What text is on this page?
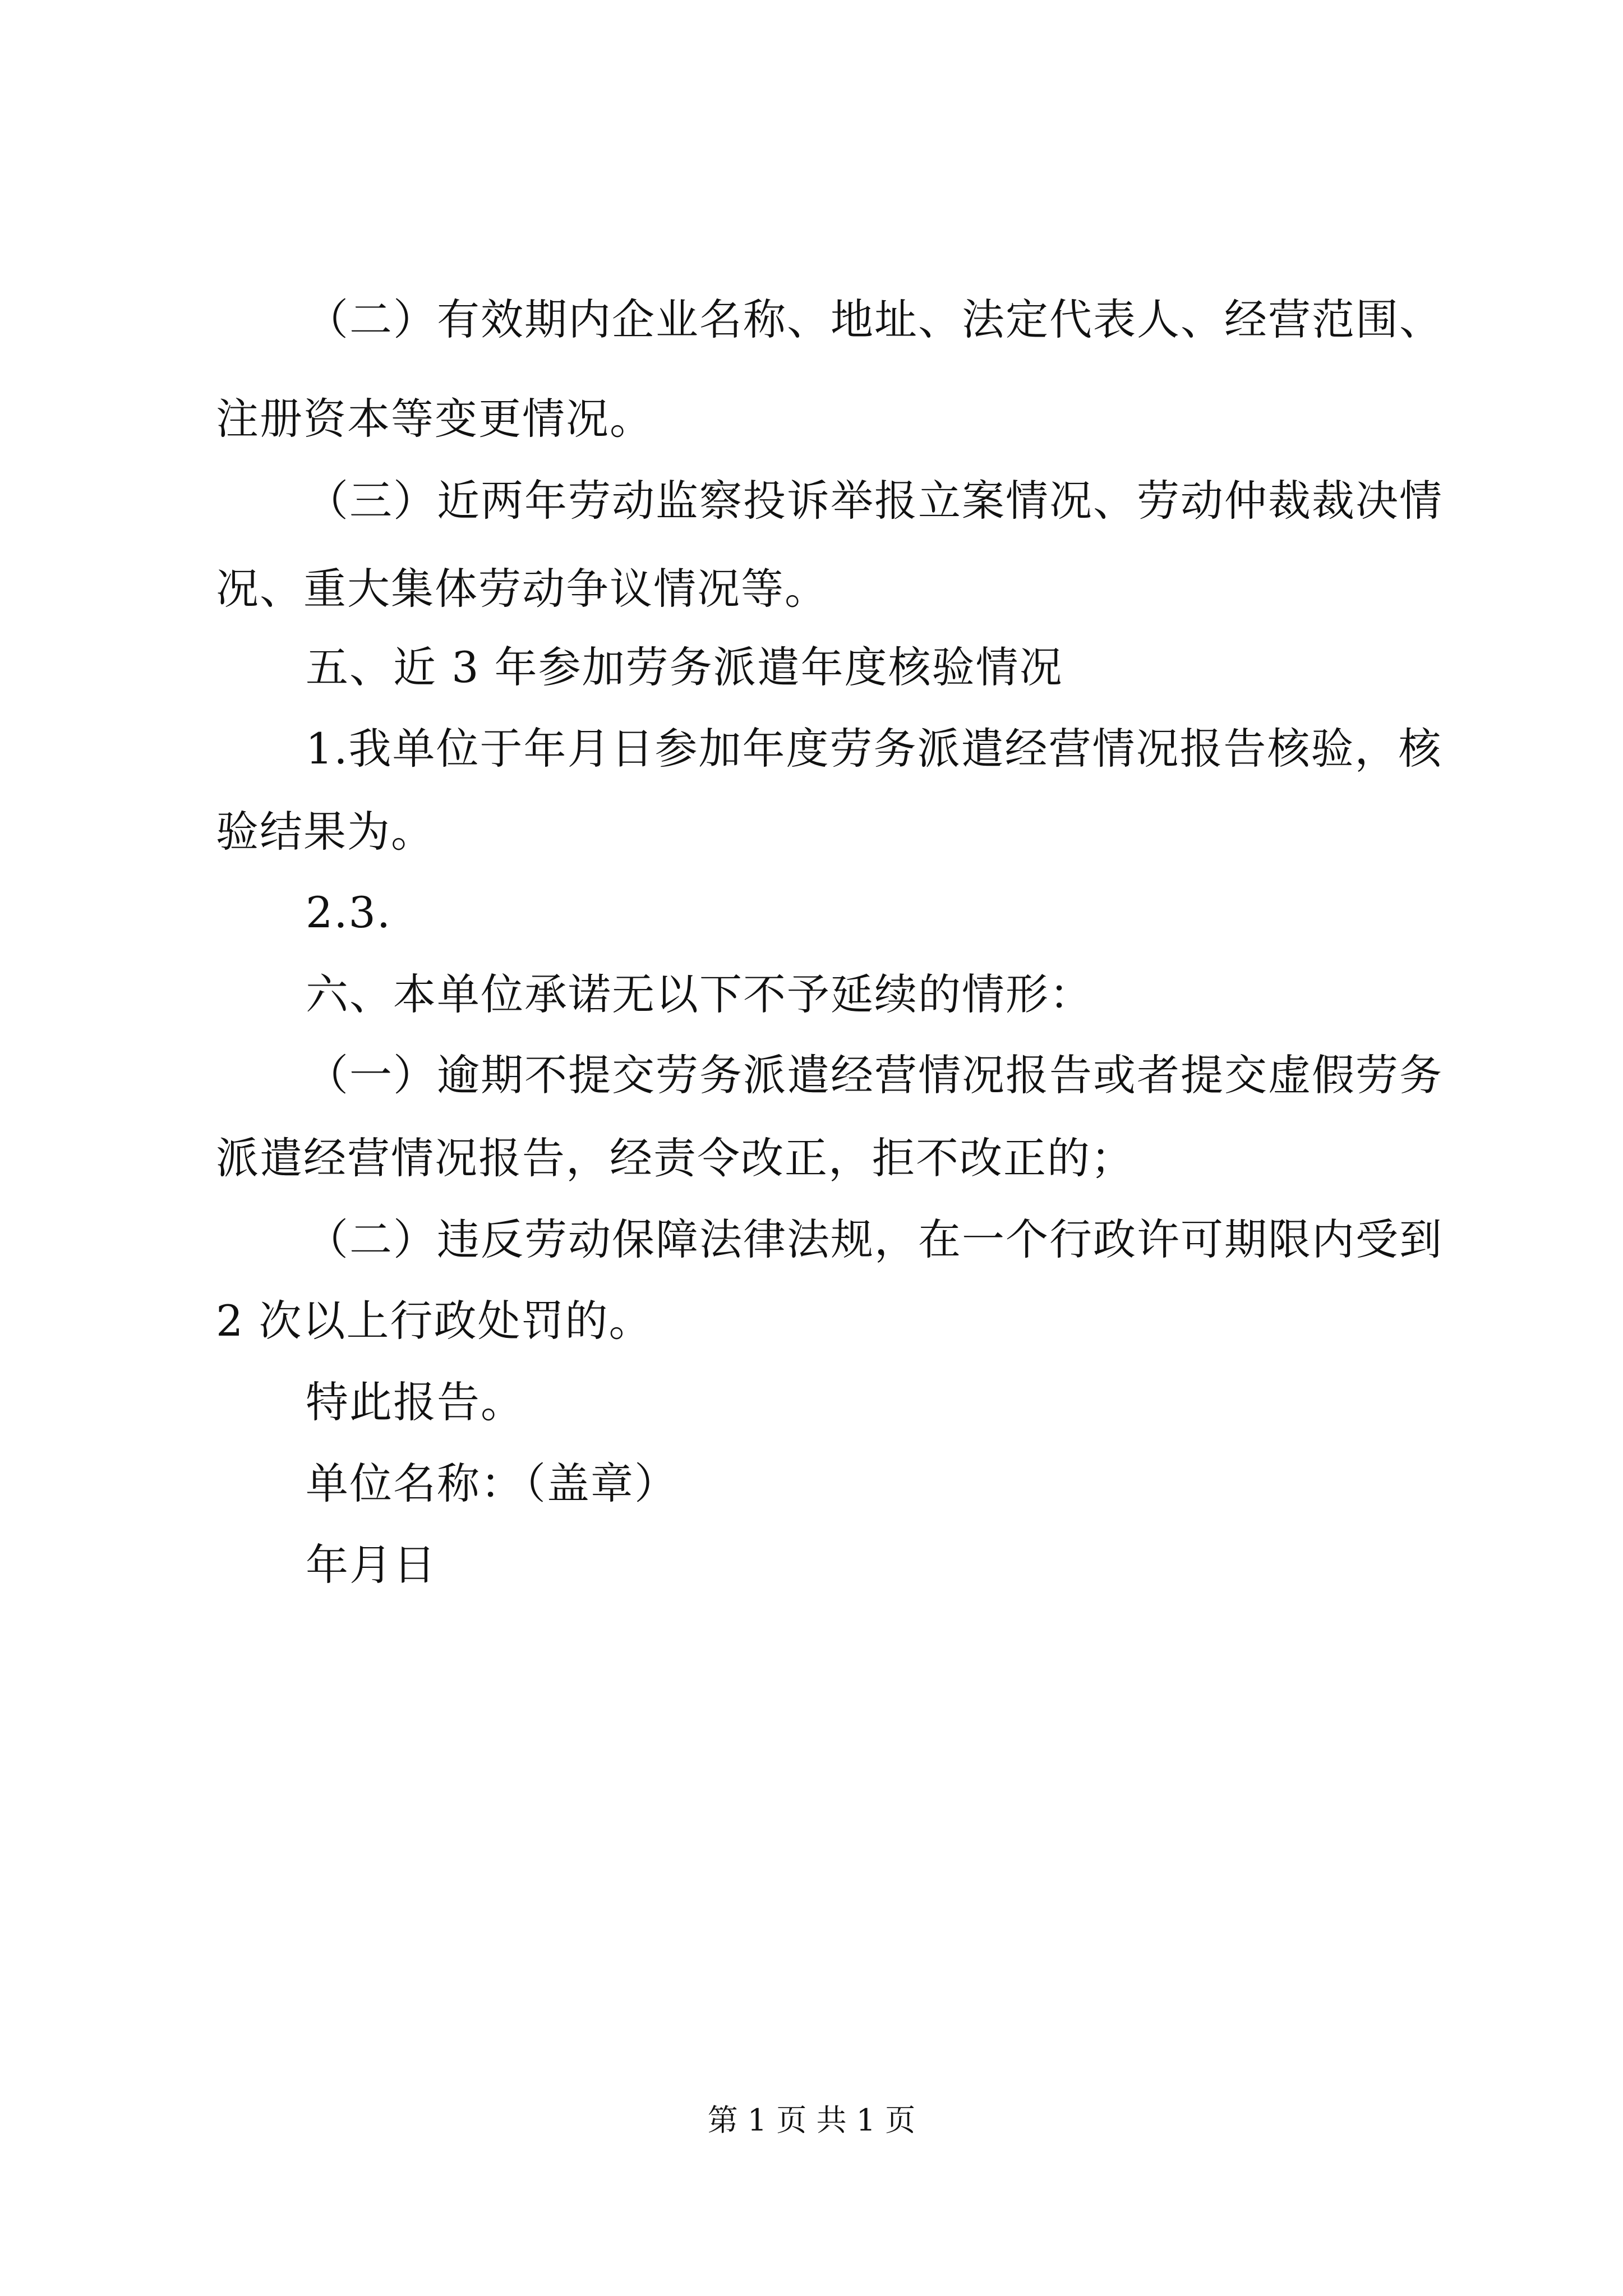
（二）有效期内企业名称、地址、法定代表人、经营范围、
注册资本等变更情况。
（三）近两年劳动监察投诉举报立案情况、劳动仲裁裁决情
况、重大集体劳动争议情况等。
五、近 3 年参加劳务派遣年度核验情况
1.我单位于年月日参加年度劳务派遣经营情况报告核验，核
验结果为。
2.3.
六、本单位承诺无以下不予延续的情形：
（一）逾期不提交劳务派遣经营情况报告或者提交虚假劳务
派遣经营情况报告，经责令改正，拒不改正的；
（二）违反劳动保障法律法规，在一个行政许可期限内受到
2 次以上行政处罚的。
特此报告。
单位名称：（盖章）
年月日
第 1 页 共 1 页
